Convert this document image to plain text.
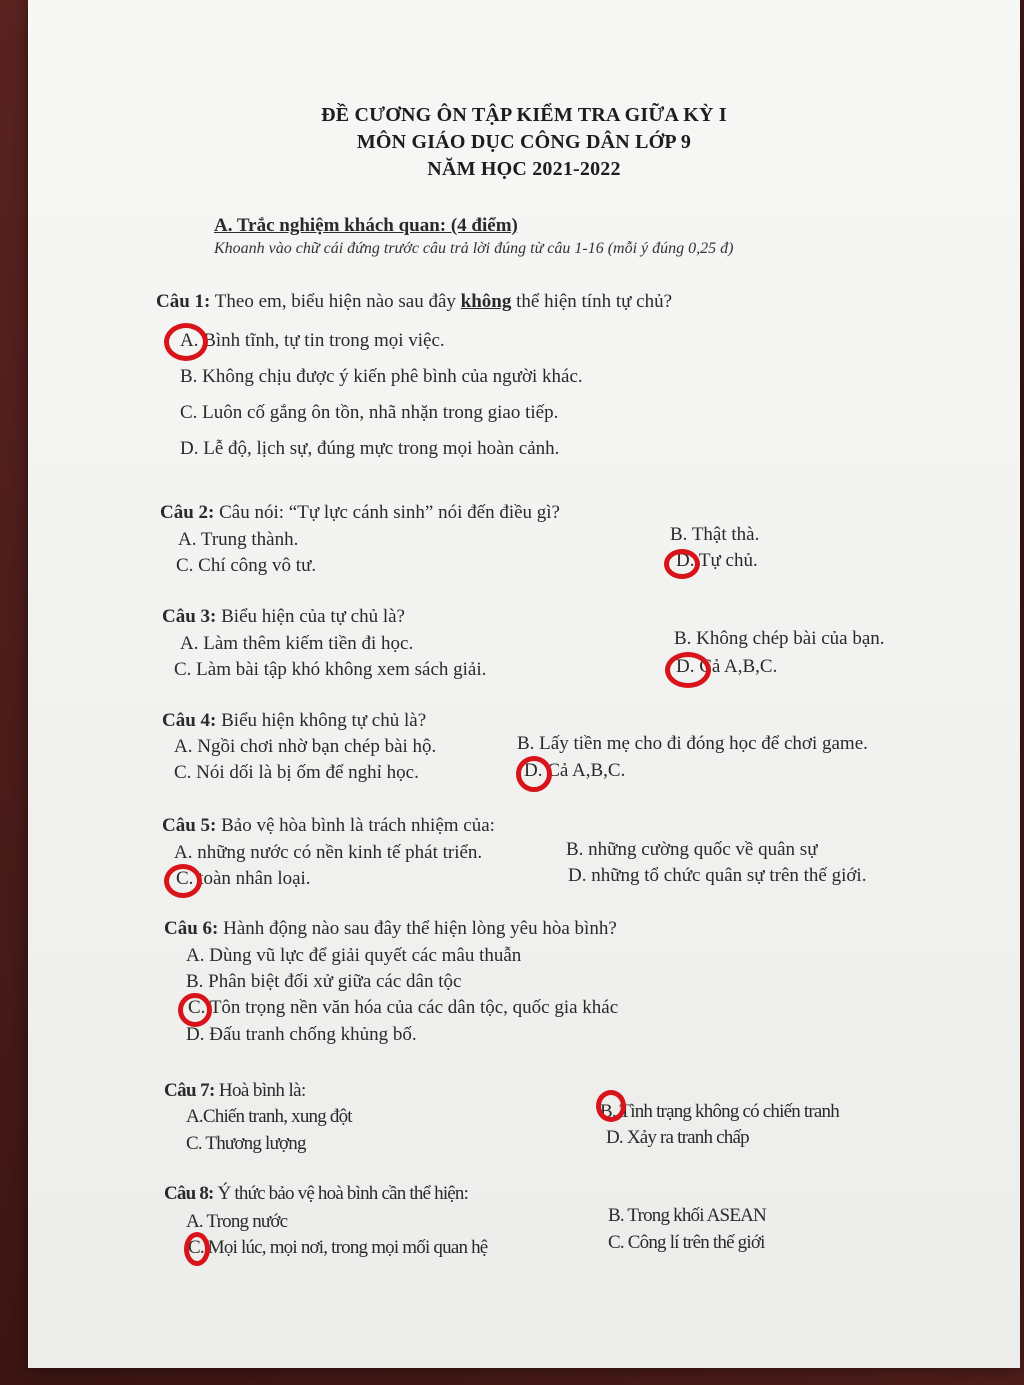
ĐỀ CƯƠNG ÔN TẬP KIỂM TRA GIỮA KỲ I
MÔN GIÁO DỤC CÔNG DÂN LỚP 9
NĂM HỌC 2021-2022
A. Trắc nghiệm khách quan: (4 điểm)
Khoanh vào chữ cái đứng trước câu trả lời đúng từ câu 1-16 (mỗi ý đúng 0,25 đ)
Câu 1: Theo em, biểu hiện nào sau đây không thể hiện tính tự chủ?
A. Bình tĩnh, tự tin trong mọi việc.
B. Không chịu được ý kiến phê bình của người khác.
C. Luôn cố gắng ôn tồn, nhã nhặn trong giao tiếp.
D. Lễ độ, lịch sự, đúng mực trong mọi hoàn cảnh.
Câu 2: Câu nói: “Tự lực cánh sinh” nói đến điều gì?
A. Trung thành.	B. Thật thà.
C. Chí công vô tư.	D. Tự chủ.
Câu 3: Biểu hiện của tự chủ là?
A. Làm thêm kiếm tiền đi học.	B. Không chép bài của bạn.
C. Làm bài tập khó không xem sách giải.	D. Cả A,B,C.
Câu 4: Biểu hiện không tự chủ là?
A. Ngồi chơi nhờ bạn chép bài hộ.	B. Lấy tiền mẹ cho đi đóng học để chơi game.
C. Nói dối là bị ốm để nghỉ học.	D. Cả A,B,C.
Câu 5: Bảo vệ hòa bình là trách nhiệm của:
A. những nước có nền kinh tế phát triển.	B. những cường quốc về quân sự
C. toàn nhân loại.	D. những tổ chức quân sự trên thế giới.
Câu 6: Hành động nào sau đây thể hiện lòng yêu hòa bình?
A. Dùng vũ lực để giải quyết các mâu thuẫn
B. Phân biệt đối xử giữa các dân tộc
C. Tôn trọng nền văn hóa của các dân tộc, quốc gia khác
D. Đấu tranh chống khủng bố.
Câu 7: Hoà bình là:
A.Chiến tranh, xung đột	B. Tình trạng không có chiến tranh
C. Thương lượng	D. Xảy ra tranh chấp
Câu 8: Ý thức bảo vệ hoà bình cần thể hiện:
A. Trong nước	B. Trong khối ASEAN
C. Mọi lúc, mọi nơi, trong mọi mối quan hệ	C. Công lí trên thế giới
